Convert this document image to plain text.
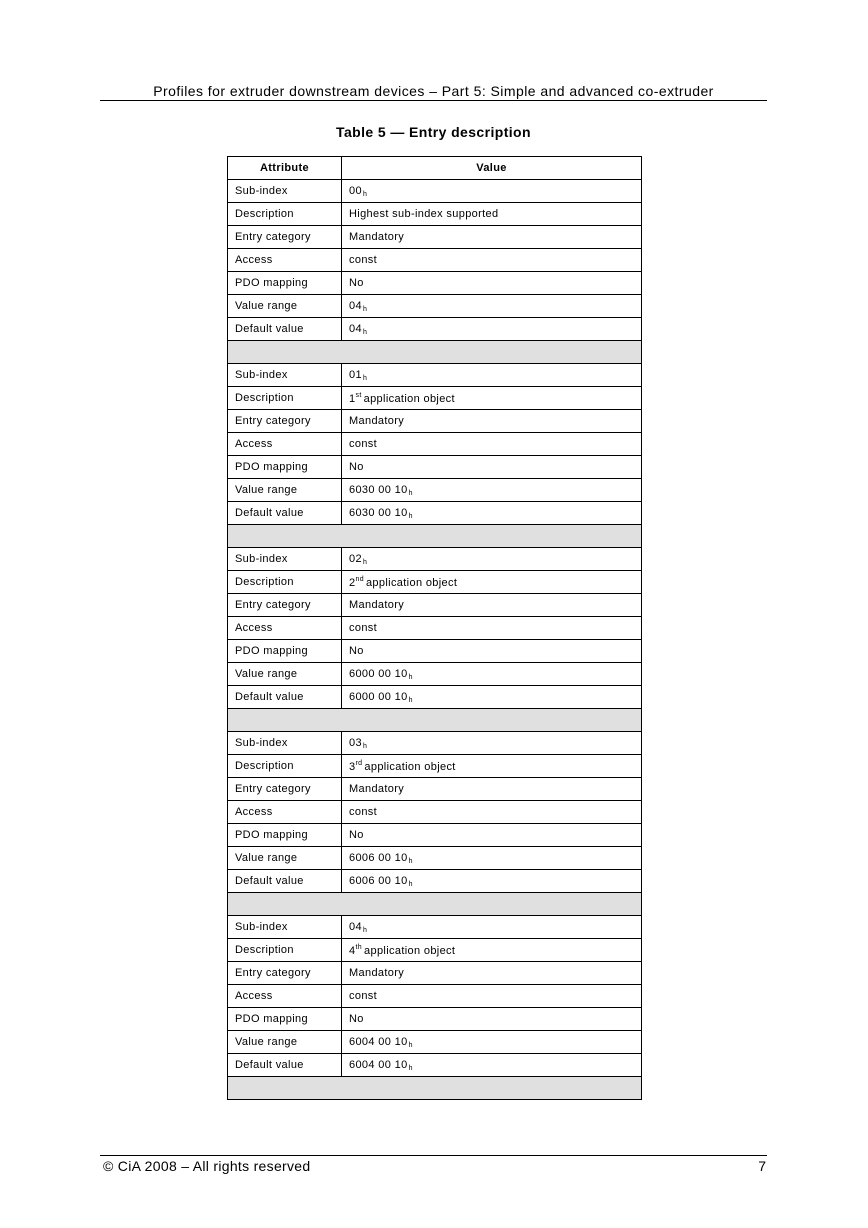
Profiles for extruder downstream devices – Part 5: Simple and advanced co-extruder
Table 5 — Entry description
Attribute	Value
Sub-index	00h
Description	Highest sub-index supported
Entry category	Mandatory
Access	const
PDO mapping	No
Value range	04h
Default value	04h

Sub-index	01h
Description	1st application object
Entry category	Mandatory
Access	const
PDO mapping	No
Value range	6030 00 10h
Default value	6030 00 10h

Sub-index	02h
Description	2nd application object
Entry category	Mandatory
Access	const
PDO mapping	No
Value range	6000 00 10h
Default value	6000 00 10h

Sub-index	03h
Description	3rd application object
Entry category	Mandatory
Access	const
PDO mapping	No
Value range	6006 00 10h
Default value	6006 00 10h

Sub-index	04h
Description	4th application object
Entry category	Mandatory
Access	const
PDO mapping	No
Value range	6004 00 10h
Default value	6004 00 10h

© CiA 2008 – All rights reserved	7
